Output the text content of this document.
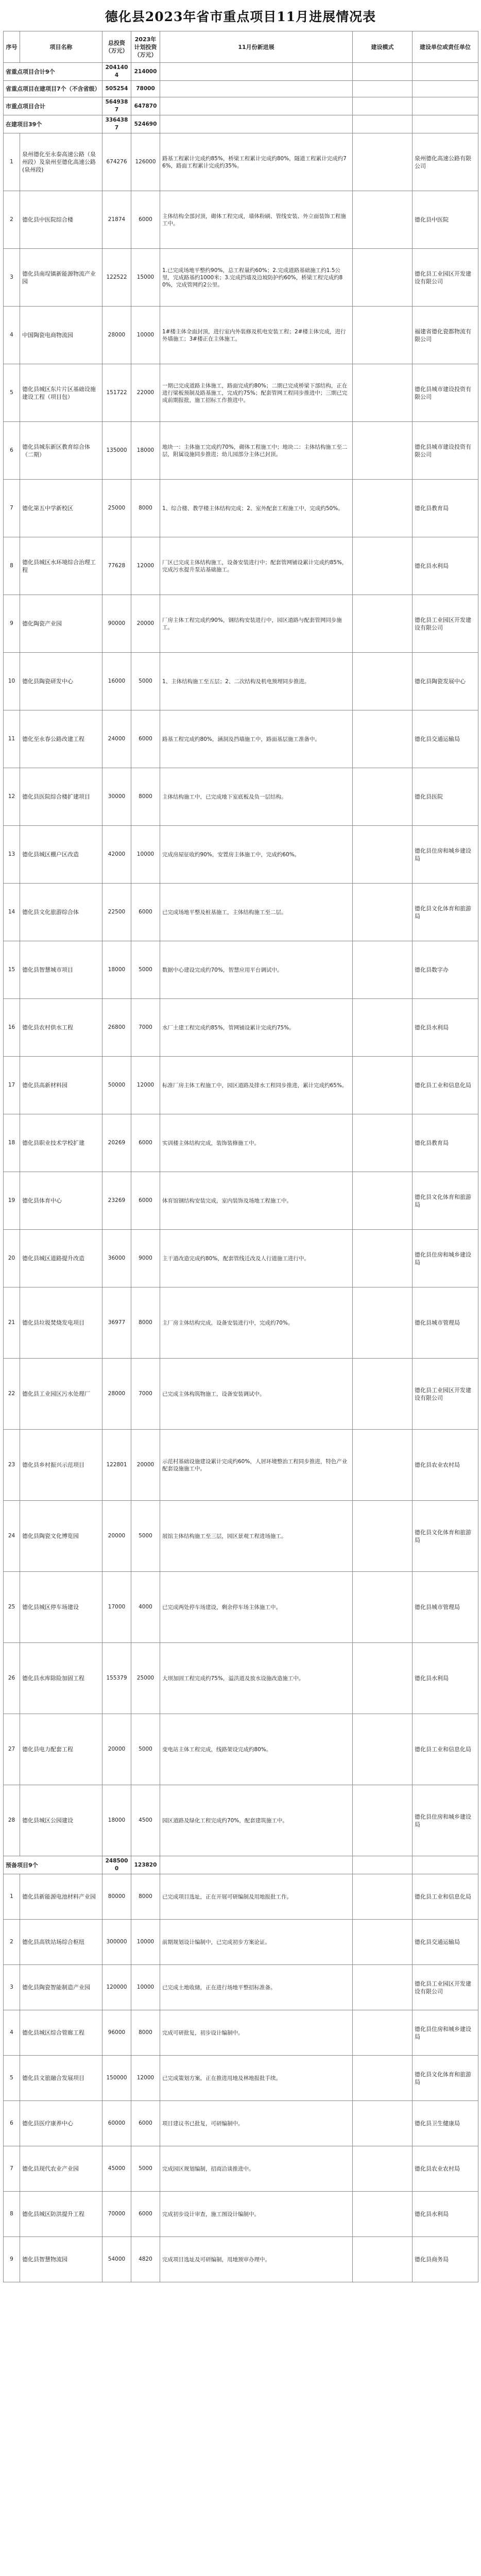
德化县2023年省市重点项目11月进展情况表
序号	项目名称	总投资（万元）	2023年计划投资（万元）	11月份新进展	建设模式	建设单位或责任单位
省重点项目合计9个		2041404	214000			
省重点项目在建项目7个（不含省级）		505254	78000			
市重点项目合计		5649387	647870			
在建项目39个		3364387	524690			
1	泉州德化至永泰高速公路（泉州段）及泉州至德化高速公路(泉州段)	674276	126000	路基工程累计完成约85%，桥梁工程累计完成约80%，隧道工程累计完成约76%，路面工程累计完成约35%。		泉州德化高速公路有限公司
2	德化县中医院综合楼	21874	6000	主体结构全部封顶，砌体工程完成，墙体粉刷、管线安装、外立面装饰工程施工中。		德化县中医院
3	德化县南埕镇新能源物流产业园	122522	15000	1.已完成场地平整约90%，总工程量约60%；2.完成道路基础施工约1.5公里，完成路基约1000米；3.完成挡墙及边坡防护约60%，桥梁工程完成约80%，完成管网约2公里。		德化县工业园区开发建设有限公司
4	中国陶瓷电商物流园	28000	10000	1#楼主体全面封顶，进行室内外装修及机电安装工程；2#楼主体完成，进行外墙施工；3#楼正在主体施工。		福建省德化瓷都物流有限公司
5	德化县城区东片片区基础设施建设工程（项目包）	151722	22000	一期已完成道路主体施工，路面完成约80%；二期已完成桥梁下部结构，正在进行梁板预制及路基施工，完成约75%；配套管网工程同步推进中；三期已完成前期报批，施工招标工作推进中。		德化县城市建设投资有限公司
6	德化县城东新区教育综合体（二期）	135000	18000	地块一：主体施工完成约70%，砌体工程施工中；地块二：主体结构施工至二层，附属设施同步推进；幼儿园部分主体已封顶。		德化县城市建设投资有限公司
7	德化第五中学新校区	25000	8000	1、综合楼、教学楼主体结构完成；2、室外配套工程施工中，完成约50%。		德化县教育局
8	德化县城区水环境综合治理工程	77628	12000	厂区已完成主体结构施工，设备安装进行中；配套管网铺设累计完成约85%，完成污水提升泵站基础施工。		德化县水利局
9	德化陶瓷产业园	90000	20000	厂房主体工程完成约90%，钢结构安装进行中，园区道路与配套管网同步施工。		德化县工业园区开发建设有限公司
10	德化县陶瓷研发中心	16000	5000	1、主体结构施工至五层；2、二次结构及机电预埋同步推进。		德化县陶瓷发展中心
11	德化至永春公路改建工程	24000	6000	路基工程完成约80%，涵洞及挡墙施工中，路面基层施工准备中。		德化县交通运输局
12	德化县医院综合楼扩建项目	30000	8000	主体结构施工中，已完成地下室底板及负一层结构。		德化县医院
13	德化县城区棚户区改造	42000	10000	完成房屋征收约90%，安置房主体施工中，完成约60%。		德化县住房和城乡建设局
14	德化县文化旅游综合体	22500	6000	已完成场地平整及桩基施工，主体结构施工至二层。		德化县文化体育和旅游局
15	德化县智慧城市项目	18000	5000	数据中心建设完成约70%，智慧应用平台调试中。		德化县数字办
16	德化县农村供水工程	26800	7000	水厂土建工程完成约85%，管网铺设累计完成约75%。		德化县水利局
17	德化县高新材料园	50000	12000	标准厂房主体工程施工中，园区道路及排水工程同步推进，累计完成约65%。		德化县工业和信息化局
18	德化县职业技术学校扩建	20269	6000	实训楼主体结构完成，装饰装修施工中。		德化县教育局
19	德化县体育中心	23269	6000	体育馆钢结构安装完成，室内装饰及场地工程施工中。		德化县文化体育和旅游局
20	德化县城区道路提升改造	36000	9000	主干道改造完成约80%，配套管线迁改及人行道施工进行中。		德化县住房和城乡建设局
21	德化县垃圾焚烧发电项目	36977	8000	主厂房主体结构完成，设备安装进行中，完成约70%。		德化县城市管理局
22	德化县工业园区污水处理厂	28000	7000	已完成主体构筑物施工，设备安装调试中。		德化县工业园区开发建设有限公司
23	德化县乡村振兴示范项目	122801	20000	示范村基础设施建设累计完成约60%，人居环境整治工程同步推进，特色产业配套设施施工中。		德化县农业农村局
24	德化县陶瓷文化博览园	20000	5000	展馆主体结构施工至三层，园区景观工程进场施工。		德化县文化体育和旅游局
25	德化县城区停车场建设	17000	4000	已完成两处停车场建设，剩余停车场主体施工中。		德化县城市管理局
26	德化县水库除险加固工程	155379	25000	大坝加固工程完成约75%，溢洪道及放水设施改造施工中。		德化县水利局
27	德化县电力配套工程	20000	5000	变电站主体工程完成，线路架设完成约80%。		德化县工业和信息化局
28	德化县城区公园建设	18000	4500	园区道路及绿化工程完成约70%，配套建筑施工中。		德化县住房和城乡建设局
预备项目9个		2485000	123820			
1	德化县新能源电池材料产业园	80000	8000	已完成项目选址，正在开展可研编制及用地报批工作。		德化县工业和信息化局
2	德化县高铁站场综合枢纽	300000	10000	前期规划设计编制中，已完成初步方案论证。		德化县交通运输局
3	德化县陶瓷智能制造产业园	120000	10000	已完成土地收储，正在进行场地平整招标准备。		德化县工业园区开发建设有限公司
4	德化县城区综合管廊工程	96000	8000	完成可研批复，初步设计编制中。		德化县住房和城乡建设局
5	德化县文旅融合发展项目	150000	12000	已完成策划方案，正在推进用地及林地报批手续。		德化县文化体育和旅游局
6	德化县医疗康养中心	60000	6000	项目建议书已批复，可研编制中。		德化县卫生健康局
7	德化县现代农业产业园	45000	5000	完成园区规划编制，招商洽谈推进中。		德化县农业农村局
8	德化县城区防洪提升工程	70000	6000	完成初步设计审查，施工图设计编制中。		德化县水利局
9	德化县智慧物流园	54000	4820	完成项目选址及可研编制，用地预审办理中。		德化县商务局
